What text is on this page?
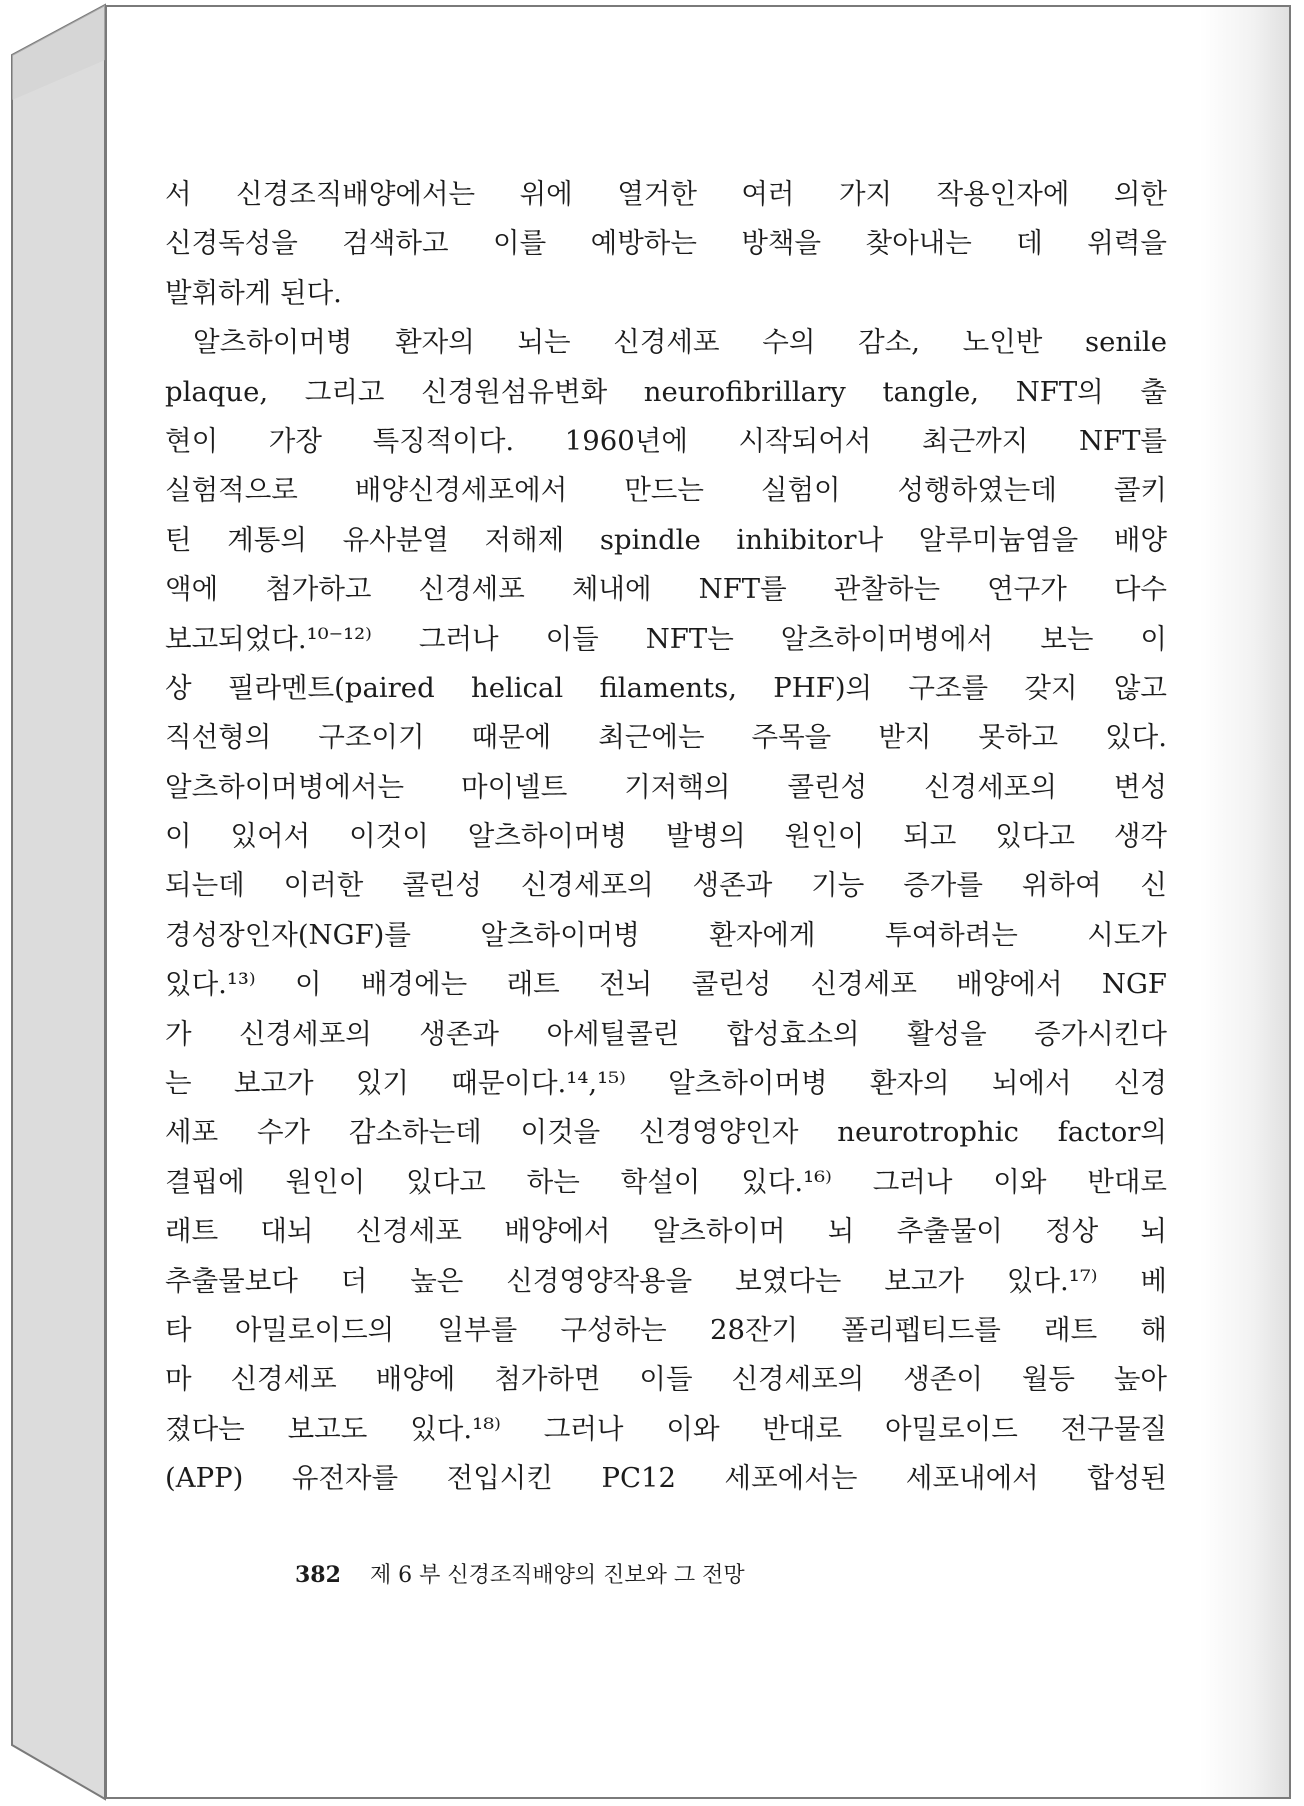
서 신경조직배양에서는 위에 열거한 여러 가지 작용인자에 의한
신경독성을 검색하고 이를 예방하는 방책을 찾아내는 데 위력을
발휘하게 된다.
알츠하이머병 환자의 뇌는 신경세포 수의 감소, 노인반 senile
plaque, 그리고 신경원섬유변화 neurofibrillary tangle, NFT의 출
현이 가장 특징적이다. 1960년에 시작되어서 최근까지 NFT를
실험적으로 배양신경세포에서 만드는 실험이 성행하였는데 콜키
틴 계통의 유사분열 저해제 spindle inhibitor나 알루미늄염을 배양
액에 첨가하고 신경세포 체내에 NFT를 관찰하는 연구가 다수
보고되었다.¹⁰⁻¹²⁾ 그러나 이들 NFT는 알츠하이머병에서 보는 이
상 필라멘트(paired helical filaments, PHF)의 구조를 갖지 않고
직선형의 구조이기 때문에 최근에는 주목을 받지 못하고 있다.
알츠하이머병에서는 마이넬트 기저핵의 콜린성 신경세포의 변성
이 있어서 이것이 알츠하이머병 발병의 원인이 되고 있다고 생각
되는데 이러한 콜린성 신경세포의 생존과 기능 증가를 위하여 신
경성장인자(NGF)를 알츠하이머병 환자에게 투여하려는 시도가
있다.¹³⁾ 이 배경에는 래트 전뇌 콜린성 신경세포 배양에서 NGF
가 신경세포의 생존과 아세틸콜린 합성효소의 활성을 증가시킨다
는 보고가 있기 때문이다.¹⁴,¹⁵⁾ 알츠하이머병 환자의 뇌에서 신경
세포 수가 감소하는데 이것을 신경영양인자 neurotrophic factor의
결핍에 원인이 있다고 하는 학설이 있다.¹⁶⁾ 그러나 이와 반대로
래트 대뇌 신경세포 배양에서 알츠하이머 뇌 추출물이 정상 뇌
추출물보다 더 높은 신경영양작용을 보였다는 보고가 있다.¹⁷⁾ 베
타 아밀로이드의 일부를 구성하는 28잔기 폴리펩티드를 래트 해
마 신경세포 배양에 첨가하면 이들 신경세포의 생존이 월등 높아
졌다는 보고도 있다.¹⁸⁾ 그러나 이와 반대로 아밀로이드 전구물질
(APP) 유전자를 전입시킨 PC12 세포에서는 세포내에서 합성된
382 제 6 부 신경조직배양의 진보와 그 전망
